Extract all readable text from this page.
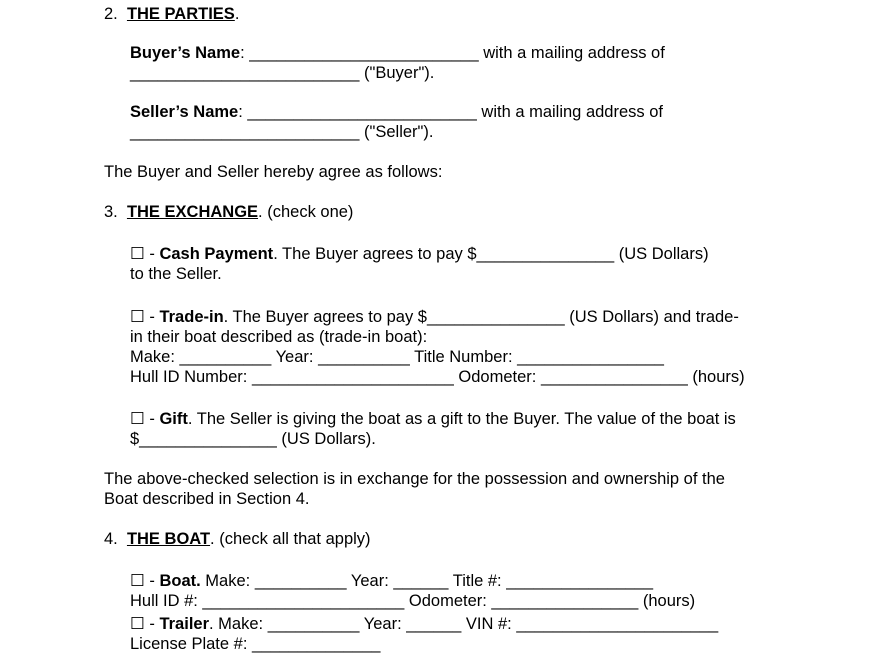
2. THE PARTIES.
Buyer’s Name: _________________________ with a mailing address of
_________________________ ("Buyer").
Seller’s Name: _________________________ with a mailing address of
_________________________ ("Seller").
The Buyer and Seller hereby agree as follows:
3. THE EXCHANGE. (check one)
☐ - Cash Payment. The Buyer agrees to pay $_______________ (US Dollars)
to the Seller.
☐ - Trade-in. The Buyer agrees to pay $_______________ (US Dollars) and trade-
in their boat described as (trade-in boat):
Make: __________ Year: __________ Title Number: ________________
Hull ID Number: ______________________ Odometer: ________________ (hours)
☐ - Gift. The Seller is giving the boat as a gift to the Buyer. The value of the boat is
$_______________ (US Dollars).
The above-checked selection is in exchange for the possession and ownership of the
Boat described in Section 4.
4. THE BOAT. (check all that apply)
☐ - Boat. Make: __________ Year: ______ Title #: ________________
Hull ID #: ______________________ Odometer: ________________ (hours)
☐ - Trailer. Make: __________ Year: ______ VIN #: ______________________
License Plate #: ______________
